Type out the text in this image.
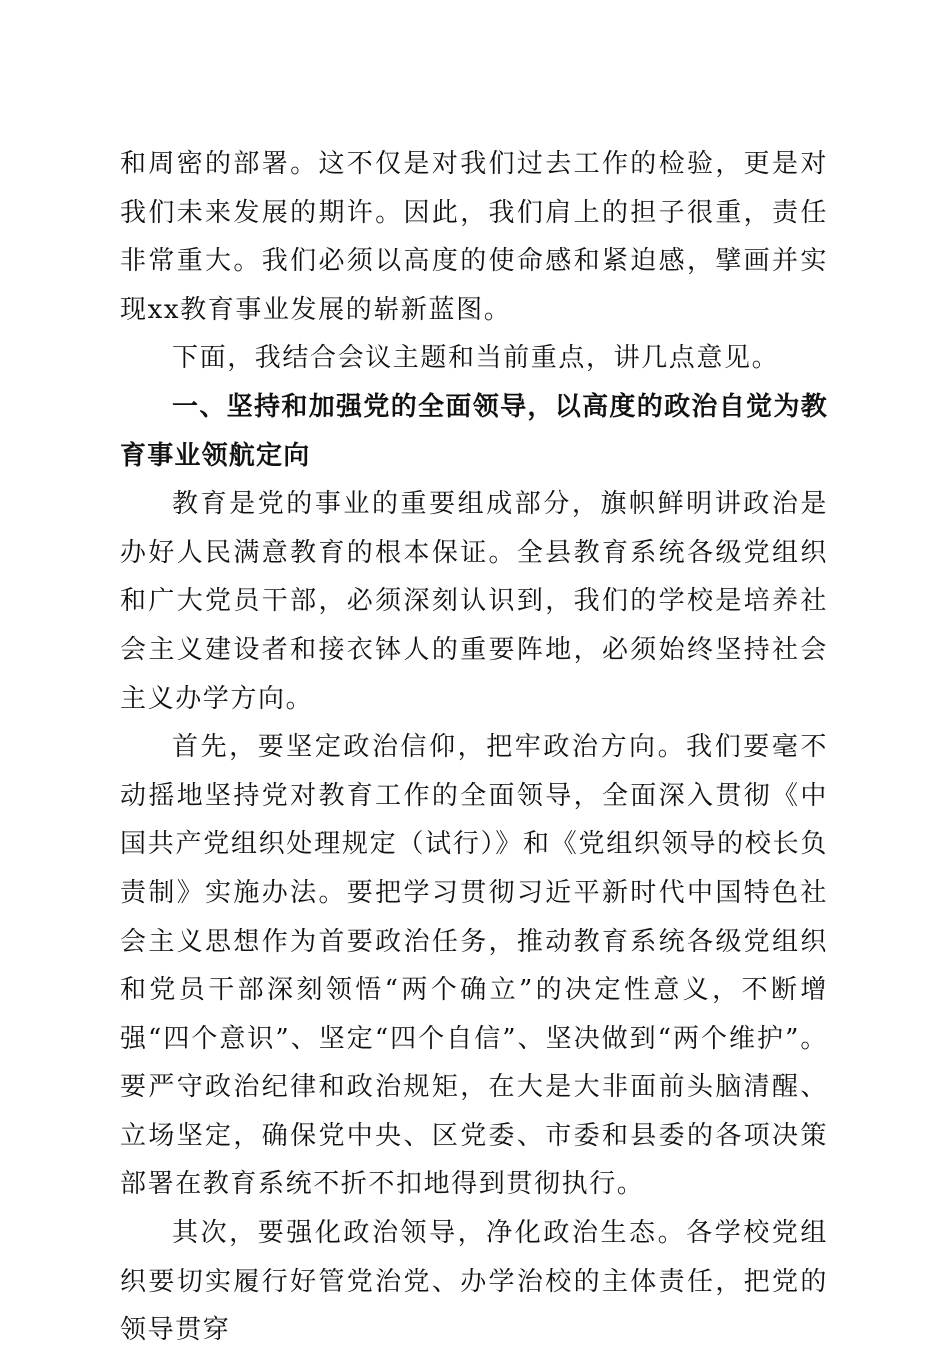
和周密的部署。这不仅是对我们过去工作的检验，更是对我们未来发展的期许。因此，我们肩上的担子很重，责任非常重大。我们必须以高度的使命感和紧迫感，擘画并实现xx教育事业发展的崭新蓝图。

下面，我结合会议主题和当前重点，讲几点意见。

一、坚持和加强党的全面领导，以高度的政治自觉为教育事业领航定向

教育是党的事业的重要组成部分，旗帜鲜明讲政治是办好人民满意教育的根本保证。全县教育系统各级党组织和广大党员干部，必须深刻认识到，我们的学校是培养社会主义建设者和接衣钵人的重要阵地，必须始终坚持社会主义办学方向。

首先，要坚定政治信仰，把牢政治方向。我们要毫不动摇地坚持党对教育工作的全面领导，全面深入贯彻《中国共产党组织处理规定（试行）》和《党组织领导的校长负责制》实施办法。要把学习贯彻习近平新时代中国特色社会主义思想作为首要政治任务，推动教育系统各级党组织和党员干部深刻领悟“两个确立”的决定性意义，不断增强“四个意识”、坚定“四个自信”、坚决做到“两个维护”。要严守政治纪律和政治规矩，在大是大非面前头脑清醒、立场坚定，确保党中央、区党委、市委和县委的各项决策部署在教育系统不折不扣地得到贯彻执行。

其次，要强化政治领导，净化政治生态。各学校党组织要切实履行好管党治党、办学治校的主体责任，把党的领导贯穿
